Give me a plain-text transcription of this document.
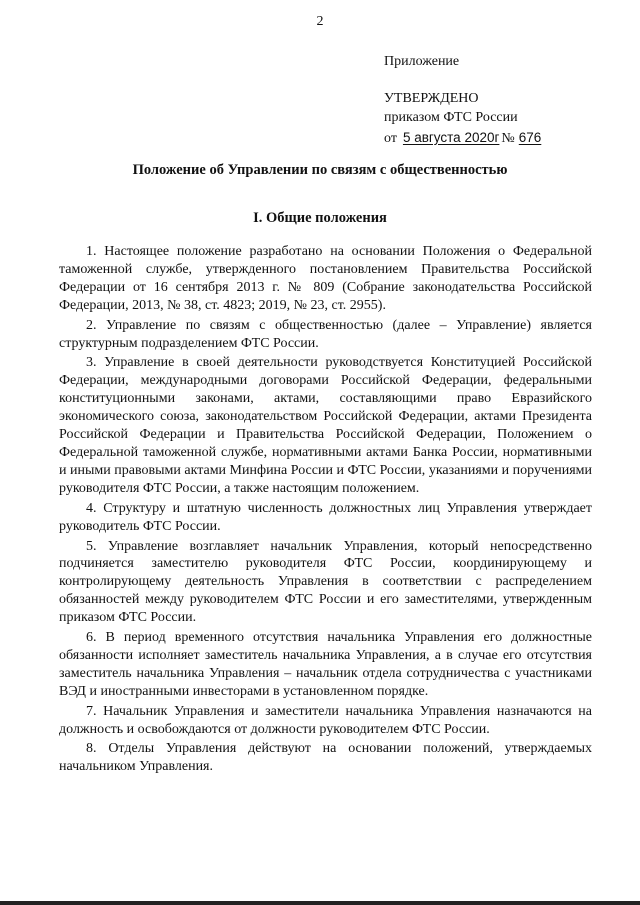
2
Приложение
УТВЕРЖДЕНО
приказом ФТС России
от 5 августа 2020г № 676
Положение об Управлении по связям с общественностью
I. Общие положения

1. Настоящее положение разработано на основании Положения о Федеральной таможенной службе, утвержденного постановлением Правительства Российской Федерации от 16 сентября 2013 г. № 809 (Собрание законодательства Российской Федерации, 2013, № 38, ст. 4823; 2019, № 23, ст. 2955).

2. Управление по связям с общественностью (далее – Управление) является структурным подразделением ФТС России.

3. Управление в своей деятельности руководствуется Конституцией Российской Федерации, международными договорами Российской Федерации, федеральными конституционными законами, актами, составляющими право Евразийского экономического союза, законодательством Российской Федерации, актами Президента Российской Федерации и Правительства Российской Федерации, Положением о Федеральной таможенной службе, нормативными актами Банка России, нормативными и иными правовыми актами Минфина России и ФТС России, указаниями и поручениями руководителя ФТС России, а также настоящим положением.

4. Структуру и штатную численность должностных лиц Управления утверждает руководитель ФТС России.

5. Управление возглавляет начальник Управления, который непосредственно подчиняется заместителю руководителя ФТС России, координирующему и контролирующему деятельность Управления в соответствии с распределением обязанностей между руководителем ФТС России и его заместителями, утвержденным приказом ФТС России.

6. В период временного отсутствия начальника Управления его должностные обязанности исполняет заместитель начальника Управления, а в случае его отсутствия заместитель начальника Управления – начальник отдела сотрудничества с участниками ВЭД и иностранными инвесторами в установленном порядке.

7. Начальник Управления и заместители начальника Управления назначаются на должность и освобождаются от должности руководителем ФТС России.

8. Отделы Управления действуют на основании положений, утверждаемых начальником Управления.
